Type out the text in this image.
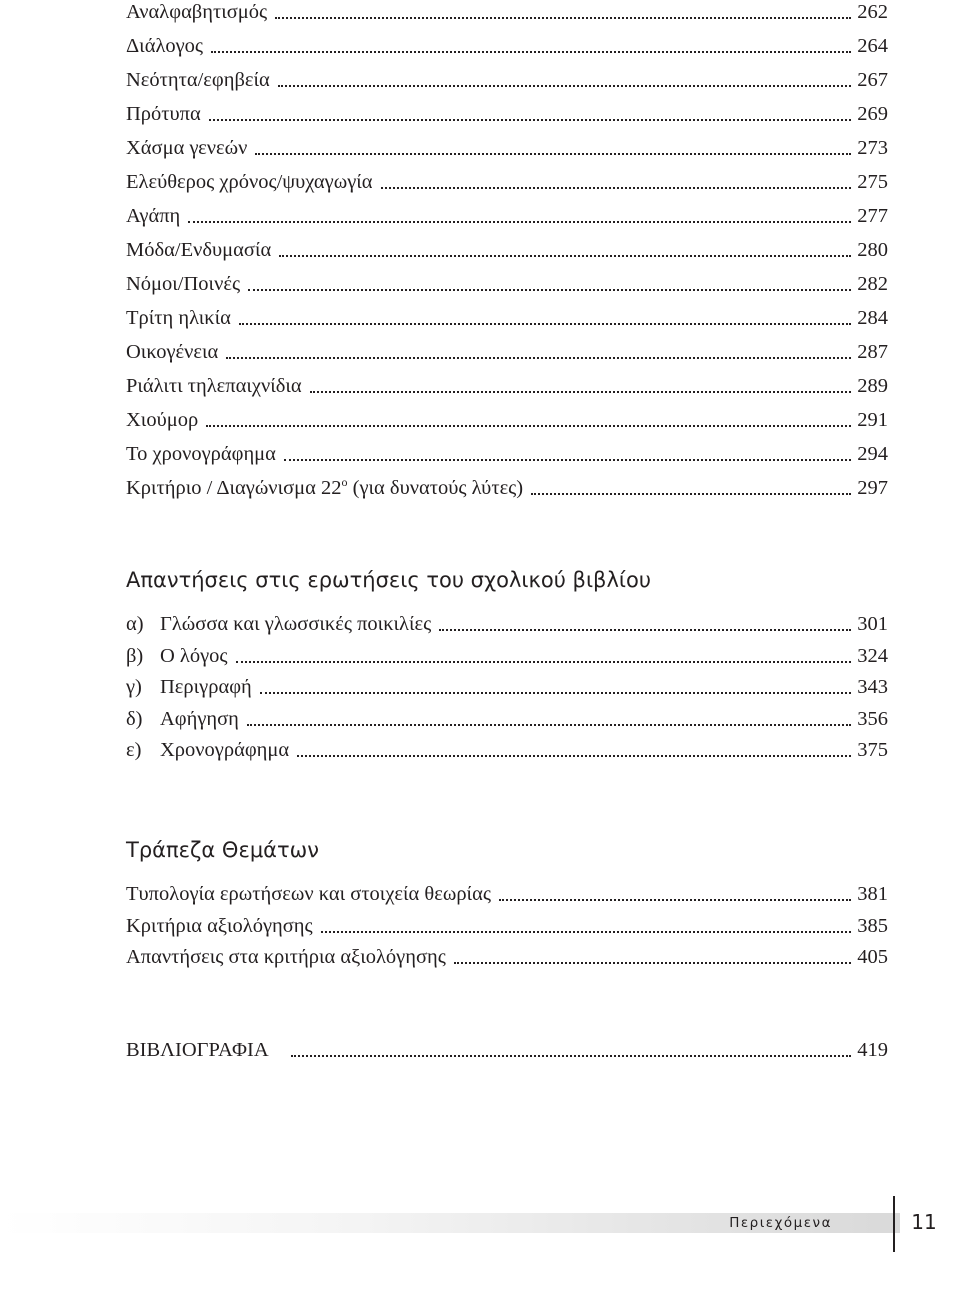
Αναλφαβητισμός	262
Διάλογος	264
Νεότητα/εφηβεία	267
Πρότυπα	269
Χάσμα γενεών	273
Ελεύθερος χρόνος/ψυχαγωγία	275
Αγάπη	277
Μόδα/Ενδυμασία	280
Νόμοι/Ποινές	282
Τρίτη ηλικία	284
Οικογένεια	287
Ριάλιτι τηλεπαιχνίδια	289
Χιούμορ	291
Το χρονογράφημα	294
Κριτήριο / Διαγώνισμα $22^o$ (για δυνατούς λύτες)	297
Απαντήσεις στις ερωτήσεις του σχολικού βιβλίου
α) Γλώσσα και γλωσσικές ποικιλίες	301
β) Ο λόγος	324
γ) Περιγραφή	343
δ) Αφήγηση	356
ε) Χρονογράφημα	375
Τράπεζα Θεμάτων
Τυπολογία ερωτήσεων και στοιχεία θεωρίας	381
Κριτήρια αξιολόγησης	385
Απαντήσεις στα κριτήρια αξιολόγησης	405
ΒΙΒΛΙΟΓΡΑΦΙΑ	419
Περιεχόμενα	11
